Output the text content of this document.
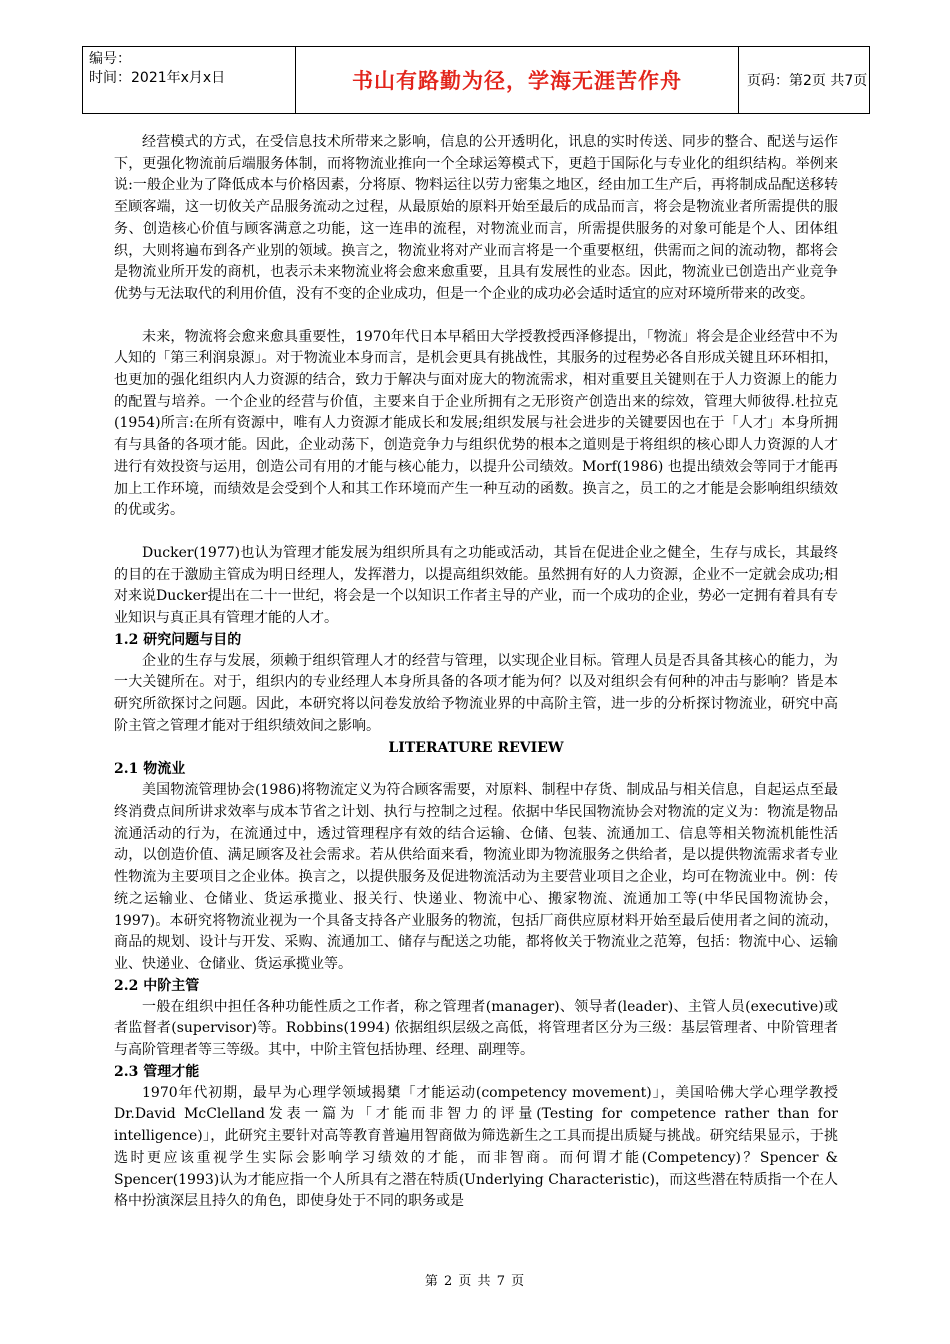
编号：
时间：2021年x月x日	书山有路勤为径，学海无涯苦作舟	页码：第2页 共7页

经营模式的方式，在受信息技术所带来之影响，信息的公开透明化，讯息的实时传送、同步的整合、配送与运作下，更强化物流前后端服务体制，而将物流业推向一个全球运筹模式下，更趋于国际化与专业化的组织结构。举例来说:一般企业为了降低成本与价格因素，分将原、物料运往以劳力密集之地区，经由加工生产后，再将制成品配送移转至顾客端，这一切攸关产品服务流动之过程，从最原始的原料开始至最后的成品而言，将会是物流业者所需提供的服务、创造核心价值与顾客满意之功能，这一连串的流程，对物流业而言，所需提供服务的对象可能是个人、团体组织，大则将遍布到各产业别的领域。换言之，物流业将对产业而言将是一个重要枢纽，供需而之间的流动物，都将会是物流业所开发的商机，也表示未来物流业将会愈来愈重要，且具有发展性的业态。因此，物流业已创造出产业竞争优势与无法取代的利用价值，没有不变的企业成功，但是一个企业的成功必会适时适宜的应对环境所带来的改变。

未来，物流将会愈来愈具重要性，1970年代日本早稻田大学授教授西泽修提出，「物流」将会是企业经营中不为人知的「第三利润泉源」。对于物流业本身而言，是机会更具有挑战性，其服务的过程势必各自形成关键且环环相扣，也更加的强化组织内人力资源的结合，致力于解决与面对庞大的物流需求，相对重要且关键则在于人力资源上的能力的配置与培养。一个企业的经营与价值，主要来自于企业所拥有之无形资产创造出来的综效，管理大师彼得.杜拉克(1954)所言:在所有资源中，唯有人力资源才能成长和发展;组织发展与社会进步的关键要因也在于「人才」本身所拥有与具备的各项才能。因此，企业动荡下，创造竞争力与组织优势的根本之道则是于将组织的核心即人力资源的人才进行有效投资与运用，创造公司有用的才能与核心能力，以提升公司绩效。Morf(1986) 也提出绩效会等同于才能再加上工作环境，而绩效是会受到个人和其工作环境而产生一种互动的函数。换言之，员工的之才能是会影响组织绩效的优或劣。

Ducker(1977)也认为管理才能发展为组织所具有之功能或活动，其旨在促进企业之健全，生存与成长，其最终的目的在于激励主管成为明日经理人，发挥潜力，以提高组织效能。虽然拥有好的人力资源，企业不一定就会成功;相对来说Ducker提出在二十一世纪，将会是一个以知识工作者主导的产业，而一个成功的企业，势必一定拥有着具有专业知识与真正具有管理才能的人才。

1.2 研究问题与目的

企业的生存与发展，须赖于组织管理人才的经营与管理，以实现企业目标。管理人员是否具备其核心的能力，为一大关键所在。对于，组织内的专业经理人本身所具备的各项才能为何？以及对组织会有何种的冲击与影响？皆是本研究所欲探讨之问题。因此，本研究将以问卷发放给予物流业界的中高阶主管，进一步的分析探讨物流业，研究中高阶主管之管理才能对于组织绩效间之影响。

LITERATURE REVIEW

2.1 物流业

美国物流管理协会(1986)将物流定义为符合顾客需要，对原料、制程中存货、制成品与相关信息，自起运点至最终消费点间所讲求效率与成本节省之计划、执行与控制之过程。依据中华民国物流协会对物流的定义为：物流是物品流通活动的行为，在流通过中，透过管理程序有效的结合运输、仓储、包装、流通加工、信息等相关物流机能性活动，以创造价值、满足顾客及社会需求。若从供给面来看，物流业即为物流服务之供给者，是以提供物流需求者专业性物流为主要项目之企业体。换言之，以提供服务及促进物流活动为主要营业项目之企业，均可在物流业中。例：传统之运输业、仓储业、货运承揽业、报关行、快递业、物流中心、搬家物流、流通加工等(中华民国物流协会，1997)。本研究将物流业视为一个具备支持各产业服务的物流，包括厂商供应原材料开始至最后使用者之间的流动，商品的规划、设计与开发、采购、流通加工、储存与配送之功能，都将攸关于物流业之范筹，包括：物流中心、运输业、快递业、仓储业、货运承揽业等。

2.2 中阶主管

一般在组织中担任各种功能性质之工作者，称之管理者(manager)、领导者(leader)、主管人员(executive)或者监督者(supervisor)等。Robbins(1994) 依据组织层级之高低，将管理者区分为三级：基层管理者、中阶管理者与高阶管理者等三等级。其中，中阶主管包括协理、经理、副理等。

2.3 管理才能

1970年代初期，最早为心理学领域揭橥「才能运动(competency movement)」，美国哈佛大学心理学教授Dr.David McClelland发表一篇为「才能而非智力的评量(Testing for competence rather than for intelligence)」，此研究主要针对高等教育普遍用智商做为筛选新生之工具而提出质疑与挑战。研究结果显示，于挑选时更应该重视学生实际会影响学习绩效的才能，而非智商。而何谓才能(Competency)？Spencer & Spencer(1993)认为才能应指一个人所具有之潜在特质(Underlying Characteristic)，而这些潜在特质指一个在人格中扮演深层且持久的角色，即使身处于不同的职务或是

第 2 页 共 7 页
